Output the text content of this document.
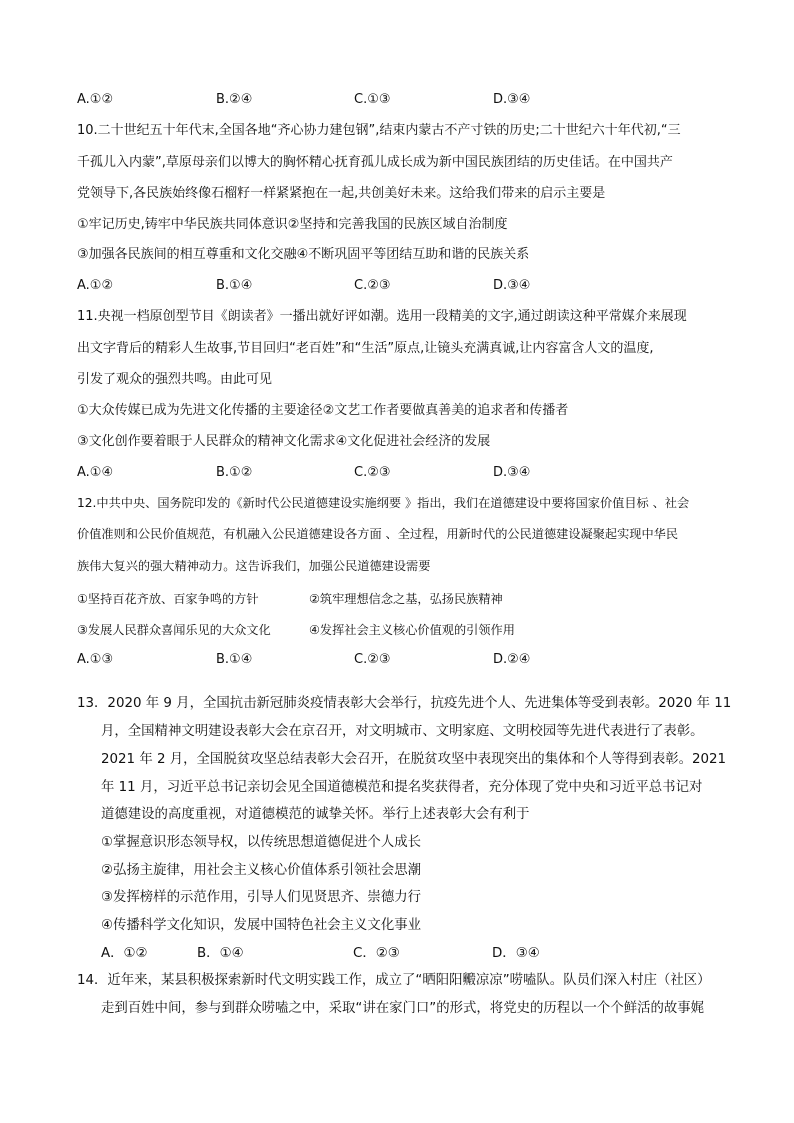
A.①②	B.②④	C.①③	D.③④
10.二十世纪五十年代末,全国各地“齐心协力建包钢”,结束内蒙古不产寸铁的历史;二十世纪六十年代初,“三
千孤儿入内蒙”,草原母亲们以博大的胸怀精心抚育孤儿成长成为新中国民族团结的历史佳话。在中国共产
党领导下,各民族始终像石榴籽一样紧紧抱在一起,共创美好未来。这给我们带来的启示主要是
①牢记历史,铸牢中华民族共同体意识②坚持和完善我国的民族区域自治制度
③加强各民族间的相互尊重和文化交融④不断巩固平等团结互助和谐的民族关系
A.①②	B.①④	C.②③	D.③④
11.央视一档原创型节目《朗读者》一播出就好评如潮。选用一段精美的文字,通过朗读这种平常媒介来展现
出文字背后的精彩人生故事,节目回归“老百姓”和“生活”原点,让镜头充满真诚,让内容富含人文的温度,
引发了观众的强烈共鸣。由此可见
①大众传媒已成为先进文化传播的主要途径②文艺工作者要做真善美的追求者和传播者
③文化创作要着眼于人民群众的精神文化需求④文化促进社会经济的发展
A.①④	B.①②	C.②③	D.③④
12.中共中央、国务院印发的《新时代公民道德建设实施纲要 》指出，我们在道德建设中要将国家价值目标 、社会
价值准则和公民价值规范，有机融入公民道德建设各方面 、全过程，用新时代的公民道德建设凝聚起实现中华民
族伟大复兴的强大精神动力。这告诉我们，加强公民道德建设需要
①坚持百花齐放、百家争鸣的方针	②筑牢理想信念之基，弘扬民族精神
③发展人民群众喜闻乐见的大众文化	④发挥社会主义核心价值观的引领作用
A.①③	B.①④	C.②③	D.②④
13．2020 年 9 月，全国抗击新冠肺炎疫情表彰大会举行，抗疫先进个人、先进集体等受到表彰。2020 年 11
月，全国精神文明建设表彰大会在京召开，对文明城市、文明家庭、文明校园等先进代表进行了表彰。
2021 年 2 月，全国脱贫攻坚总结表彰大会召开，在脱贫攻坚中表现突出的集体和个人等得到表彰。2021
年 11 月，习近平总书记亲切会见全国道德模范和提名奖获得者，充分体现了党中央和习近平总书记对
道德建设的高度重视，对道德模范的诚挚关怀。举行上述表彰大会有利于
①掌握意识形态领导权，以传统思想道德促进个人成长
②弘扬主旋律，用社会主义核心价值体系引领社会思潮
③发挥榜样的示范作用，引导人们见贤思齐、崇德力行
④传播科学文化知识，发展中国特色社会主义文化事业
A．①②	B．①④	C．②③	D．③④
14．近年来，某县积极探索新时代文明实践工作，成立了“晒阳阳毈凉凉”唠嗑队。队员们深入村庄（社区）
走到百姓中间，参与到群众唠嗑之中，采取“讲在家门口”的形式，将党史的历程以一个个鲜活的故事娓
